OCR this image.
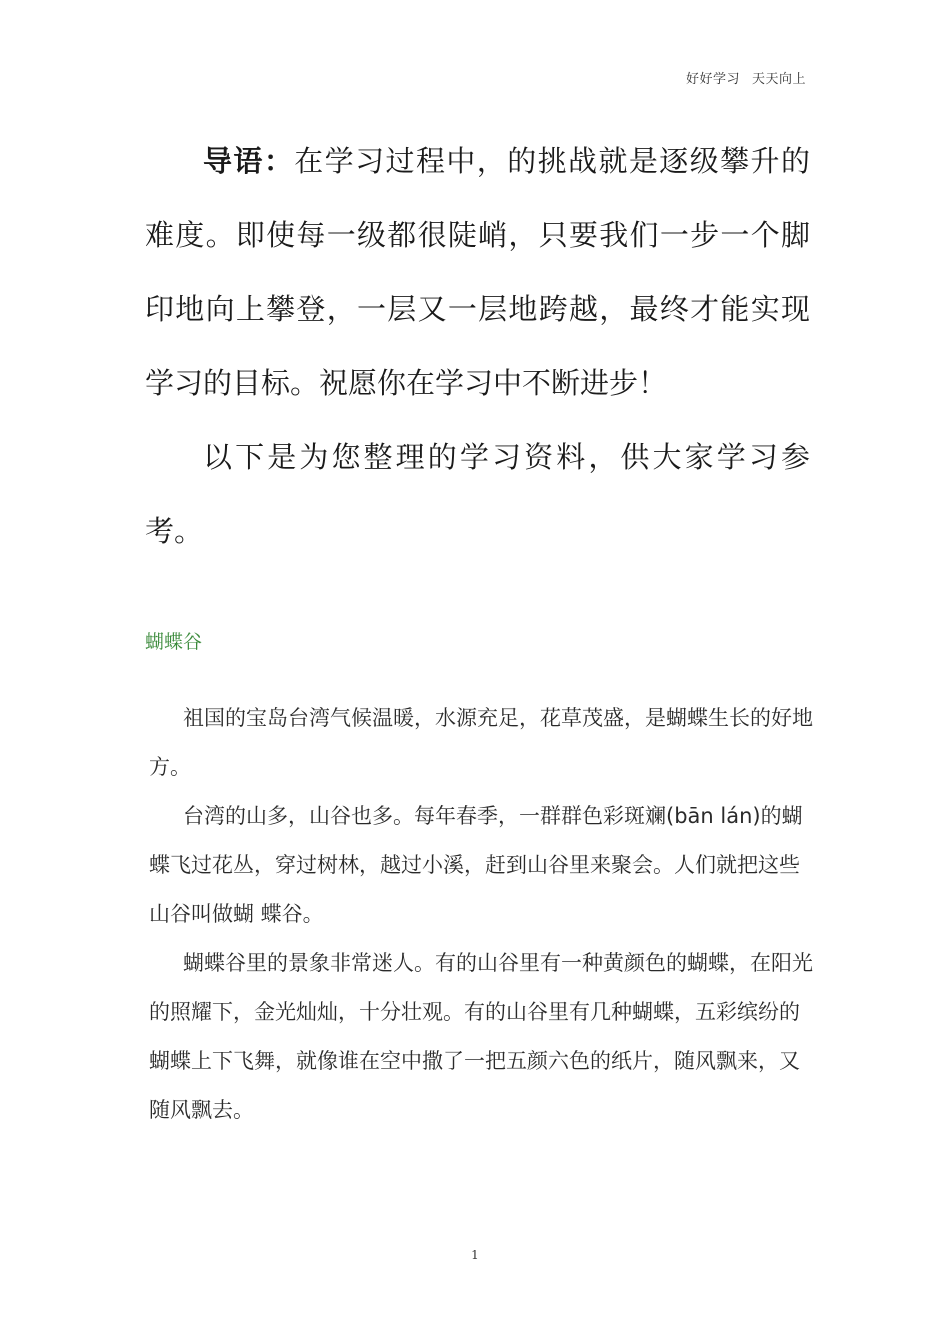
好好学习 天天向上

导语：在学习过程中，的挑战就是逐级攀升的难度。即使每一级都很陡峭，只要我们一步一个脚印地向上攀登，一层又一层地跨越，最终才能实现学习的目标。祝愿你在学习中不断进步！

以下是为您整理的学习资料，供大家学习参考。

蝴蝶谷

祖国的宝岛台湾气候温暖，水源充足，花草茂盛，是蝴蝶生长的好地方。

台湾的山多，山谷也多。每年春季，一群群色彩斑斓(bān lán)的蝴蝶飞过花丛，穿过树林，越过小溪，赶到山谷里来聚会。人们就把这些山谷叫做蝴 蝶谷。

蝴蝶谷里的景象非常迷人。有的山谷里有一种黄颜色的蝴蝶，在阳光的照耀下，金光灿灿，十分壮观。有的山谷里有几种蝴蝶，五彩缤纷的蝴蝶上下飞舞，就像谁在空中撒了一把五颜六色的纸片，随风飘来，又随风飘去。

1
